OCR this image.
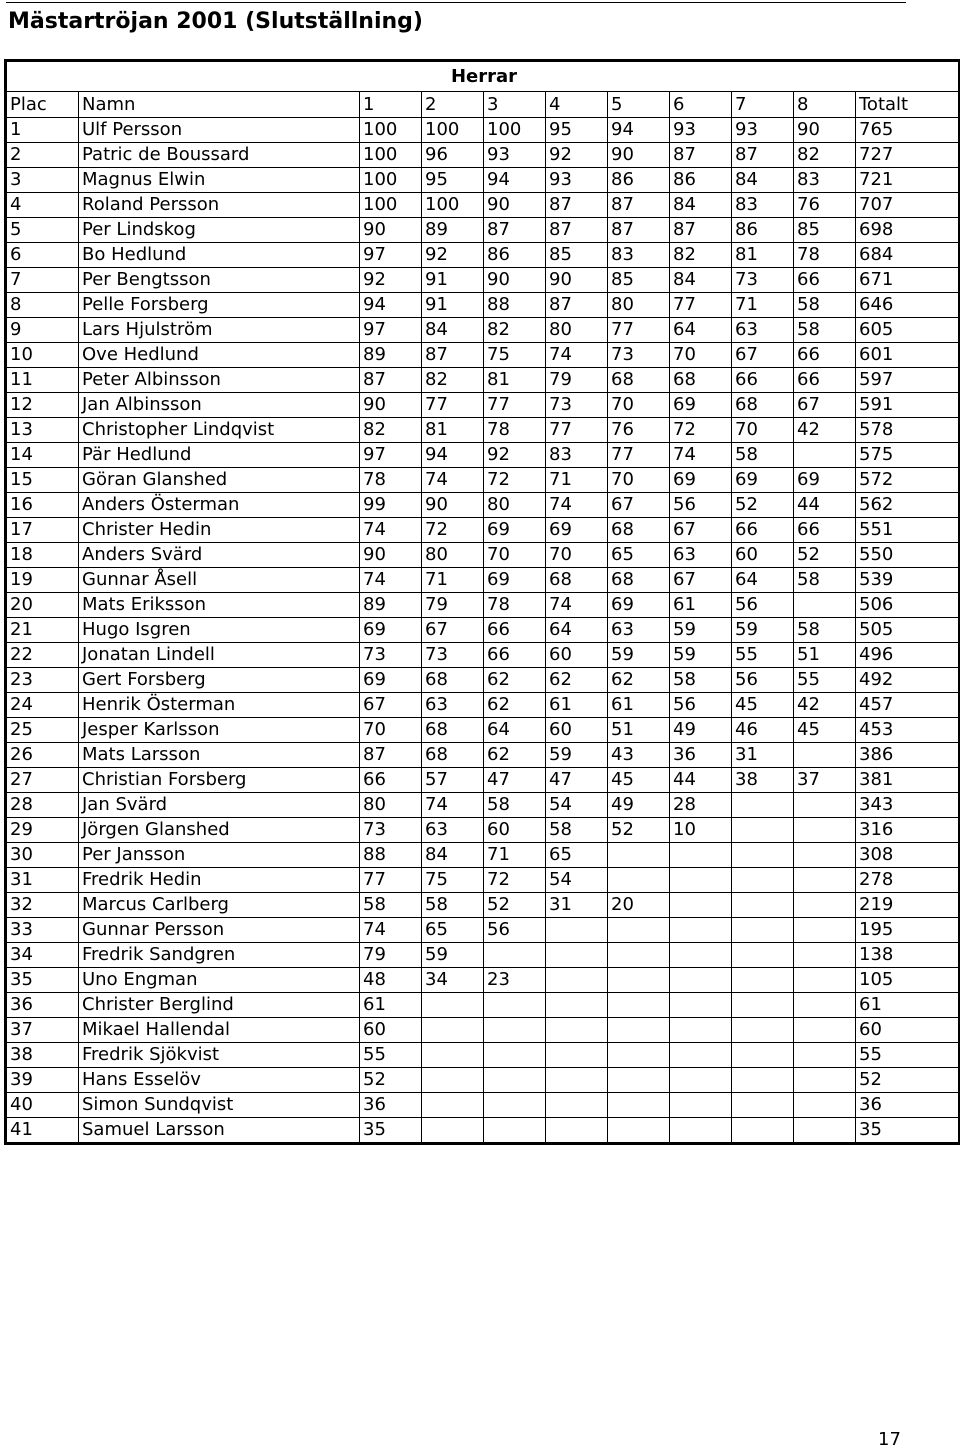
Mästartröjan 2001 (Slutställning)
Herrar										
Plac	Namn	1	2	3	4	5	6	7	8	Totalt
1	Ulf Persson	100	100	100	95	94	93	93	90	765
2	Patric de Boussard	100	96	93	92	90	87	87	82	727
3	Magnus Elwin	100	95	94	93	86	86	84	83	721
4	Roland Persson	100	100	90	87	87	84	83	76	707
5	Per Lindskog	90	89	87	87	87	87	86	85	698
6	Bo Hedlund	97	92	86	85	83	82	81	78	684
7	Per Bengtsson	92	91	90	90	85	84	73	66	671
8	Pelle Forsberg	94	91	88	87	80	77	71	58	646
9	Lars Hjulström	97	84	82	80	77	64	63	58	605
10	Ove Hedlund	89	87	75	74	73	70	67	66	601
11	Peter Albinsson	87	82	81	79	68	68	66	66	597
12	Jan Albinsson	90	77	77	73	70	69	68	67	591
13	Christopher Lindqvist	82	81	78	77	76	72	70	42	578
14	Pär Hedlund	97	94	92	83	77	74	58		575
15	Göran Glanshed	78	74	72	71	70	69	69	69	572
16	Anders Österman	99	90	80	74	67	56	52	44	562
17	Christer Hedin	74	72	69	69	68	67	66	66	551
18	Anders Svärd	90	80	70	70	65	63	60	52	550
19	Gunnar Åsell	74	71	69	68	68	67	64	58	539
20	Mats Eriksson	89	79	78	74	69	61	56		506
21	Hugo Isgren	69	67	66	64	63	59	59	58	505
22	Jonatan Lindell	73	73	66	60	59	59	55	51	496
23	Gert Forsberg	69	68	62	62	62	58	56	55	492
24	Henrik Österman	67	63	62	61	61	56	45	42	457
25	Jesper Karlsson	70	68	64	60	51	49	46	45	453
26	Mats Larsson	87	68	62	59	43	36	31		386
27	Christian Forsberg	66	57	47	47	45	44	38	37	381
28	Jan Svärd	80	74	58	54	49	28			343
29	Jörgen Glanshed	73	63	60	58	52	10			316
30	Per Jansson	88	84	71	65					308
31	Fredrik Hedin	77	75	72	54					278
32	Marcus Carlberg	58	58	52	31	20				219
33	Gunnar Persson	74	65	56						195
34	Fredrik Sandgren	79	59							138
35	Uno Engman	48	34	23						105
36	Christer Berglind	61								61
37	Mikael Hallendal	60								60
38	Fredrik Sjökvist	55								55
39	Hans Esselöv	52								52
40	Simon Sundqvist	36								36
41	Samuel Larsson	35								35
17
